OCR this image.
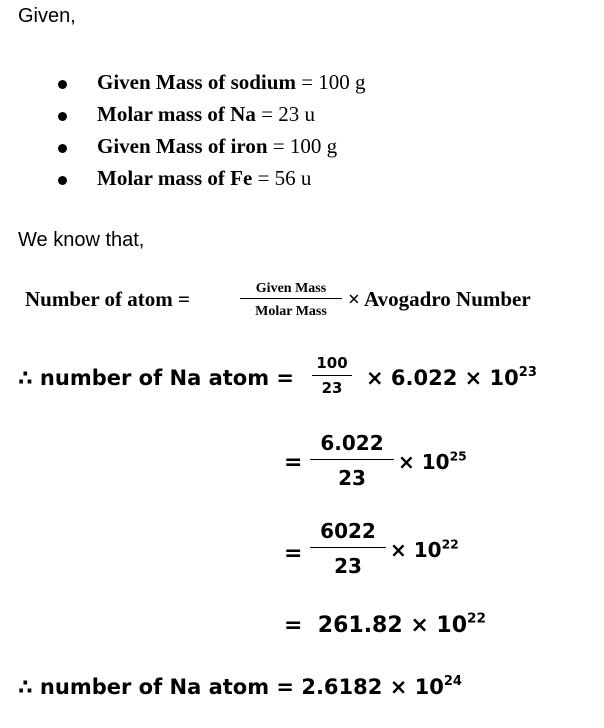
Given,
Given Mass of sodium = 100 g
Molar mass of Na = 23 u
Given Mass of iron = 100 g
Molar mass of Fe = 56 u
We know that,
Number of atom =	Given Mass
Molar Mass
× Avogadro Number
∴ number of Na atom =
100
23	× $6.022 \times 10^{23}$
=
6.022
23
× $10^{25}$
=
6022
23
× $10^{22}$
= $261.82 \times 10^{22}$
∴ number of Na atom = $2.6182 \times 10^{24}$
